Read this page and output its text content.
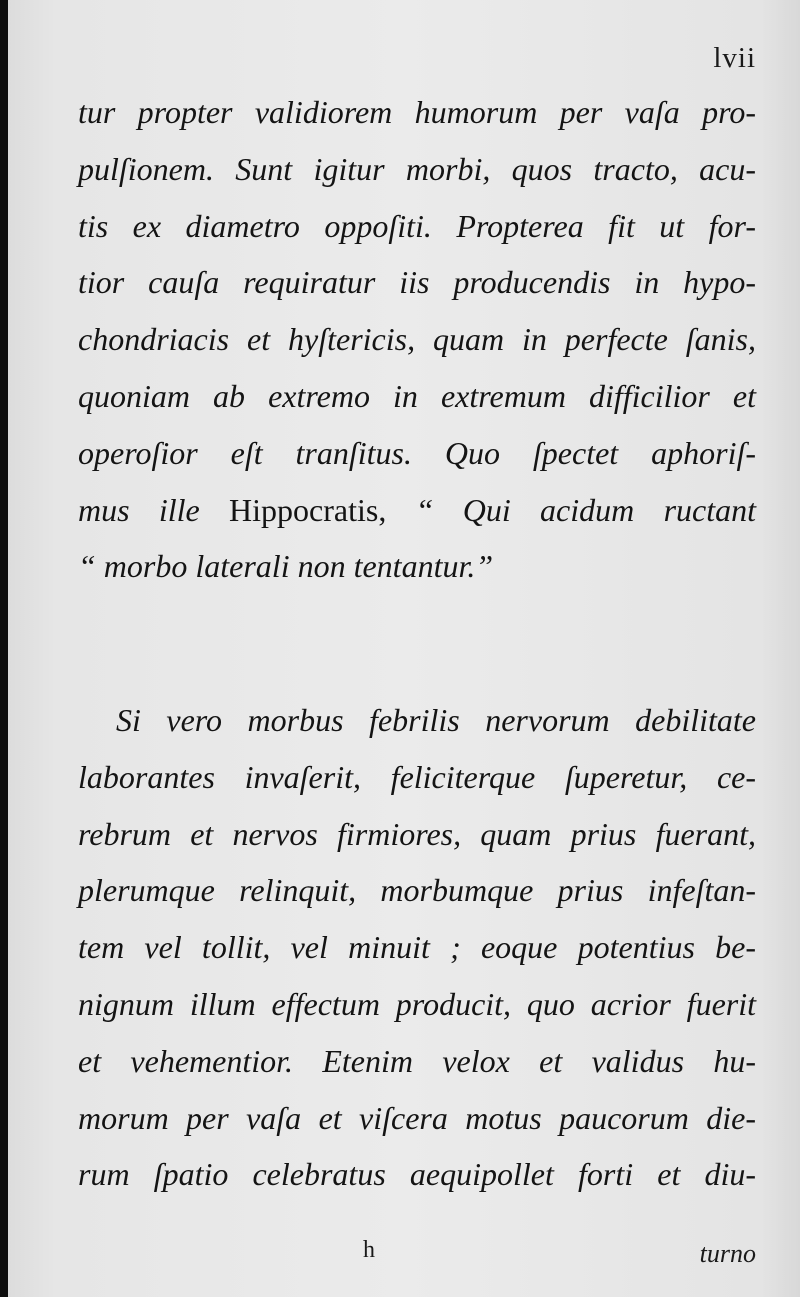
lvii
tur propter validiorem humorum per vaſa pro-
pulſionem. Sunt igitur morbi, quos tracto, acu-
tis ex diametro oppoſiti. Propterea fit ut for-
tior cauſa requiratur iis producendis in hypo-
chondriacis et hyſtericis, quam in perfecte ſanis,
quoniam ab extremo in extremum difficilior et
operoſior eſt tranſitus. Quo ſpectet aphoriſ-
mus ille Hippocratis, “ Qui acidum ructant
“ morbo laterali non tentantur.”
Si vero morbus febrilis nervorum debilitate
laborantes invaſerit, feliciterque ſuperetur, ce-
rebrum et nervos firmiores, quam prius fuerant,
plerumque relinquit, morbumque prius infeſtan-
tem vel tollit, vel minuit ; eoque potentius be-
nignum illum effectum producit, quo acrior fuerit
et vehementior. Etenim velox et validus hu-
morum per vaſa et viſcera motus paucorum die-
rum ſpatio celebratus aequipollet forti et diu-
h	turno
